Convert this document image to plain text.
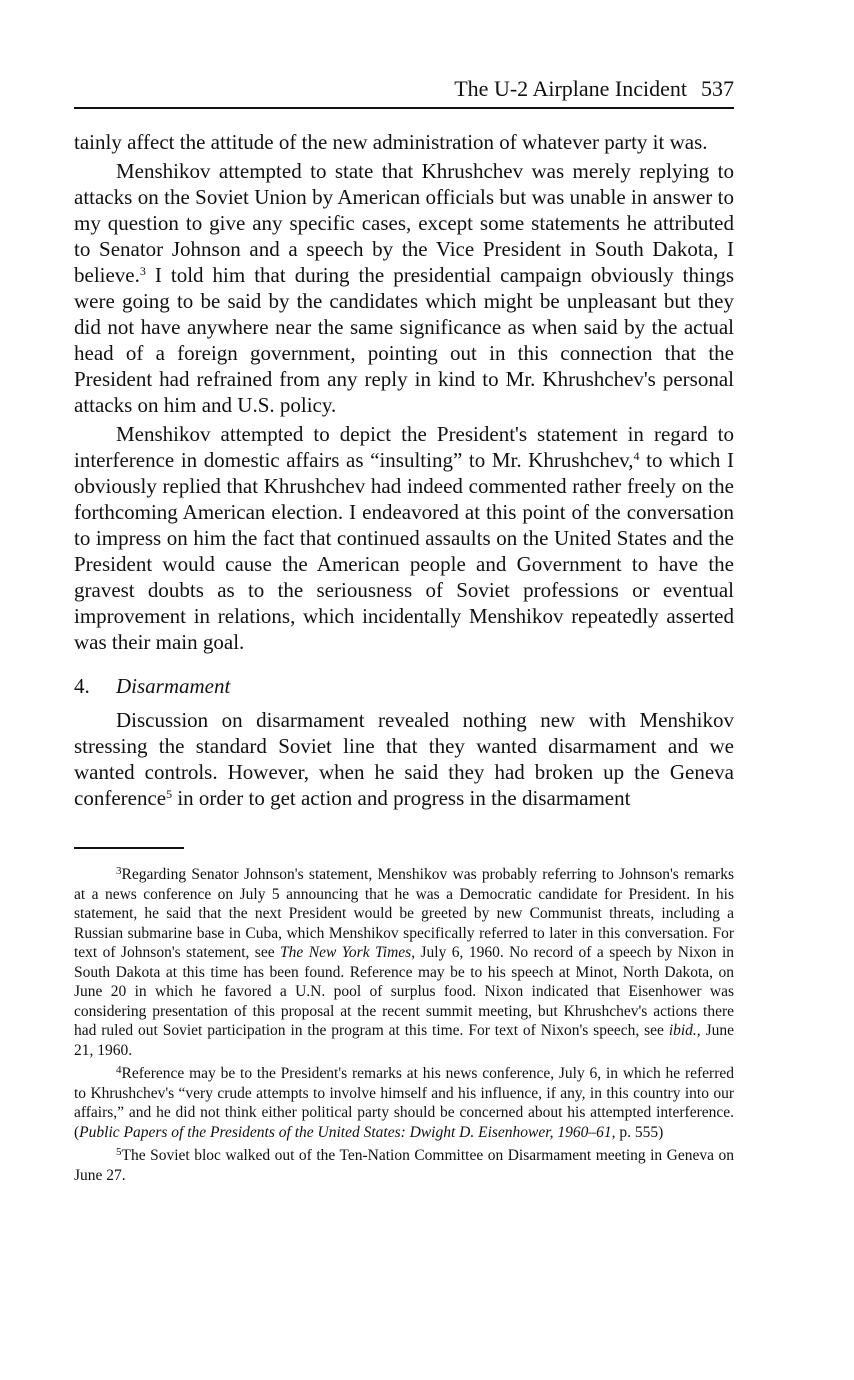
The U-2 Airplane Incident 537

tainly affect the attitude of the new administration of whatever party it was.

Menshikov attempted to state that Khrushchev was merely replying to attacks on the Soviet Union by American officials but was unable in answer to my question to give any specific cases, except some statements he attributed to Senator Johnson and a speech by the Vice President in South Dakota, I believe.$^3$ I told him that during the presidential campaign obviously things were going to be said by the candidates which might be unpleasant but they did not have anywhere near the same significance as when said by the actual head of a foreign government, pointing out in this connection that the President had refrained from any reply in kind to Mr. Khrushchev's personal attacks on him and U.S. policy.

Menshikov attempted to depict the President's statement in regard to interference in domestic affairs as “insulting” to Mr. Khrushchev,$^4$ to which I obviously replied that Khrushchev had indeed commented rather freely on the forthcoming American election. I endeavored at this point of the conversation to impress on him the fact that continued assaults on the United States and the President would cause the American people and Government to have the gravest doubts as to the seriousness of Soviet professions or eventual improvement in relations, which incidentally Menshikov repeatedly asserted was their main goal.

4. Disarmament

Discussion on disarmament revealed nothing new with Menshikov stressing the standard Soviet line that they wanted disarmament and we wanted controls. However, when he said they had broken up the Geneva conference$^5$ in order to get action and progress in the disarmament

$^3$Regarding Senator Johnson's statement, Menshikov was probably referring to Johnson's remarks at a news conference on July 5 announcing that he was a Democratic candidate for President. In his statement, he said that the next President would be greeted by new Communist threats, including a Russian submarine base in Cuba, which Menshikov specifically referred to later in this conversation. For text of Johnson's statement, see The New York Times, July 6, 1960. No record of a speech by Nixon in South Dakota at this time has been found. Reference may be to his speech at Minot, North Dakota, on June 20 in which he favored a U.N. pool of surplus food. Nixon indicated that Eisenhower was considering presentation of this proposal at the recent summit meeting, but Khrushchev's actions there had ruled out Soviet participation in the program at this time. For text of Nixon's speech, see ibid., June 21, 1960.

$^4$Reference may be to the President's remarks at his news conference, July 6, in which he referred to Khrushchev's “very crude attempts to involve himself and his influence, if any, in this country into our affairs,” and he did not think either political party should be concerned about his attempted interference. (Public Papers of the Presidents of the United States: Dwight D. Eisenhower, 1960–61, p. 555)

$^5$The Soviet bloc walked out of the Ten-Nation Committee on Disarmament meeting in Geneva on June 27.
